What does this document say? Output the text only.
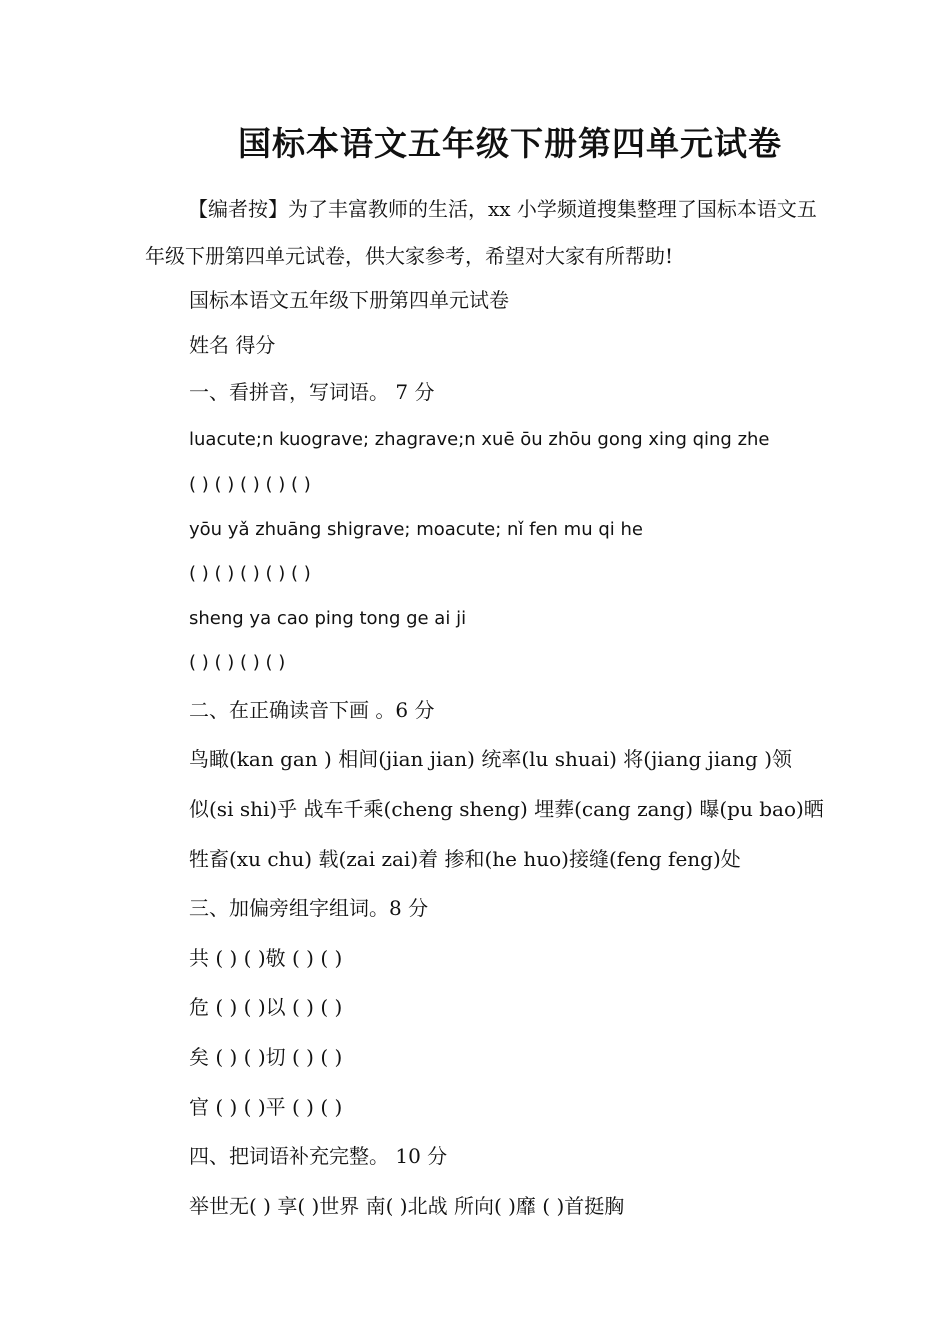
国标本语文五年级下册第四单元试卷
【编者按】为了丰富教师的生活，xx 小学频道搜集整理了国标本语文五年级下册第四单元试卷，供大家参考，希望对大家有所帮助!
国标本语文五年级下册第四单元试卷
姓名 得分
一、看拼音，写词语。 7 分
luacute;n kuograve; zhagrave;n xuē ōu zhōu gong xing qing zhe
( ) ( ) ( ) ( ) ( )
yōu yǎ zhuāng shigrave; moacute; nǐ fen mu qi he
( ) ( ) ( ) ( ) ( )
sheng ya cao ping tong ge ai ji
( ) ( ) ( ) ( )
二、在正确读音下画 。6 分
鸟瞰(kan gan ) 相间(jian jian) 统率(lu shuai) 将(jiang jiang )领
似(si shi)乎 战车千乘(cheng sheng) 埋葬(cang zang) 曝(pu bao)晒
牲畜(xu chu) 载(zai zai)着 掺和(he huo)接缝(feng feng)处
三、加偏旁组字组词。8 分
共 ( ) ( )敬 ( ) ( )
危 ( ) ( )以 ( ) ( )
矣 ( ) ( )切 ( ) ( )
官 ( ) ( )平 ( ) ( )
四、把词语补充完整。 10 分
举世无( ) 享( )世界 南( )北战 所向( )靡 ( )首挺胸
